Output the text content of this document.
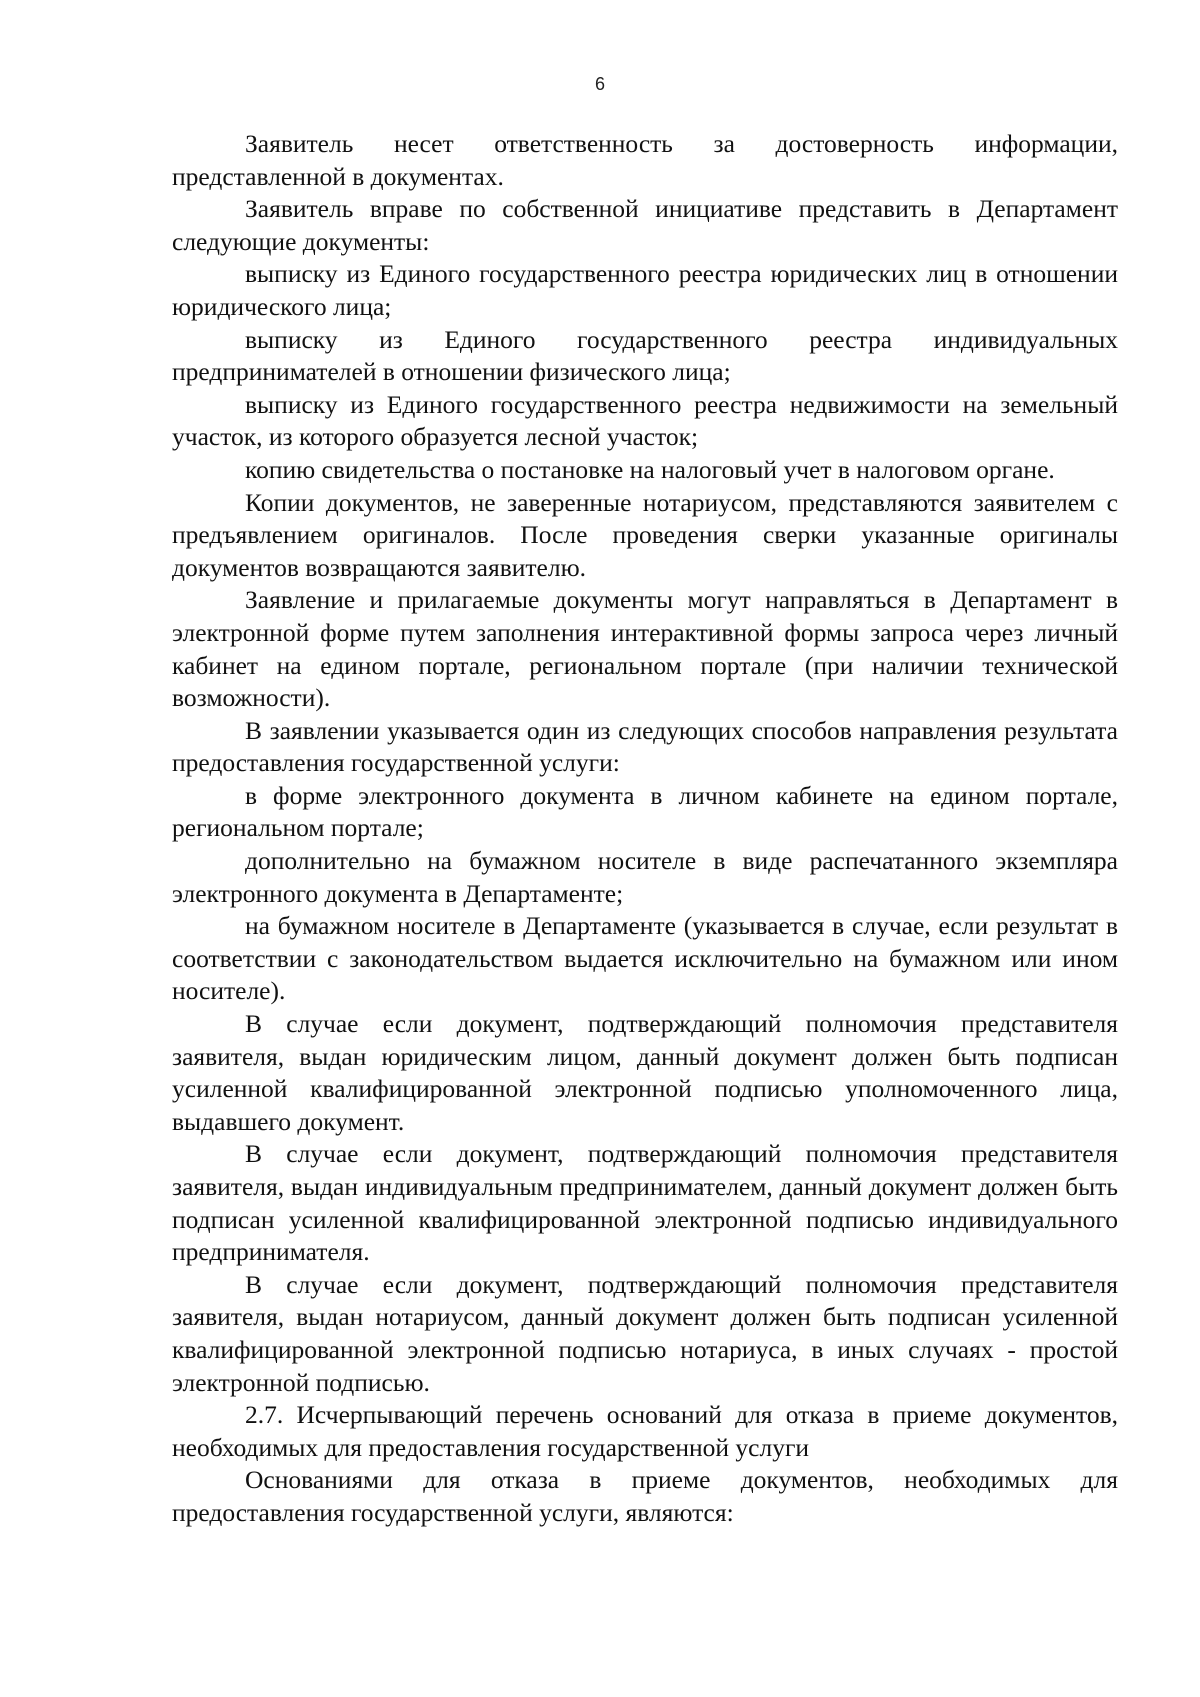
6

Заявитель несет ответственность за достоверность информации, представленной в документах.

Заявитель вправе по собственной инициативе представить в Департамент следующие документы:

выписку из Единого государственного реестра юридических лиц в отношении юридического лица;

выписку из Единого государственного реестра индивидуальных предпринимателей в отношении физического лица;

выписку из Единого государственного реестра недвижимости на земельный участок, из которого образуется лесной участок;

копию свидетельства о постановке на налоговый учет в налоговом органе.

Копии документов, не заверенные нотариусом, представляются заявителем с предъявлением оригиналов. После проведения сверки указанные оригиналы документов возвращаются заявителю.

Заявление и прилагаемые документы могут направляться в Департамент в электронной форме путем заполнения интерактивной формы запроса через личный кабинет на едином портале, региональном портале (при наличии технической возможности).

В заявлении указывается один из следующих способов направления результата предоставления государственной услуги:

в форме электронного документа в личном кабинете на едином портале, региональном портале;

дополнительно на бумажном носителе в виде распечатанного экземпляра электронного документа в Департаменте;

на бумажном носителе в Департаменте (указывается в случае, если результат в соответствии с законодательством выдается исключительно на бумажном или ином носителе).

В случае если документ, подтверждающий полномочия представителя заявителя, выдан юридическим лицом, данный документ должен быть подписан усиленной квалифицированной электронной подписью уполномоченного лица, выдавшего документ.

В случае если документ, подтверждающий полномочия представителя заявителя, выдан индивидуальным предпринимателем, данный документ должен быть подписан усиленной квалифицированной электронной подписью индивидуального предпринимателя.

В случае если документ, подтверждающий полномочия представителя заявителя, выдан нотариусом, данный документ должен быть подписан усиленной квалифицированной электронной подписью нотариуса, в иных случаях - простой электронной подписью.

2.7. Исчерпывающий перечень оснований для отказа в приеме документов, необходимых для предоставления государственной услуги

Основаниями для отказа в приеме документов, необходимых для предоставления государственной услуги, являются:
